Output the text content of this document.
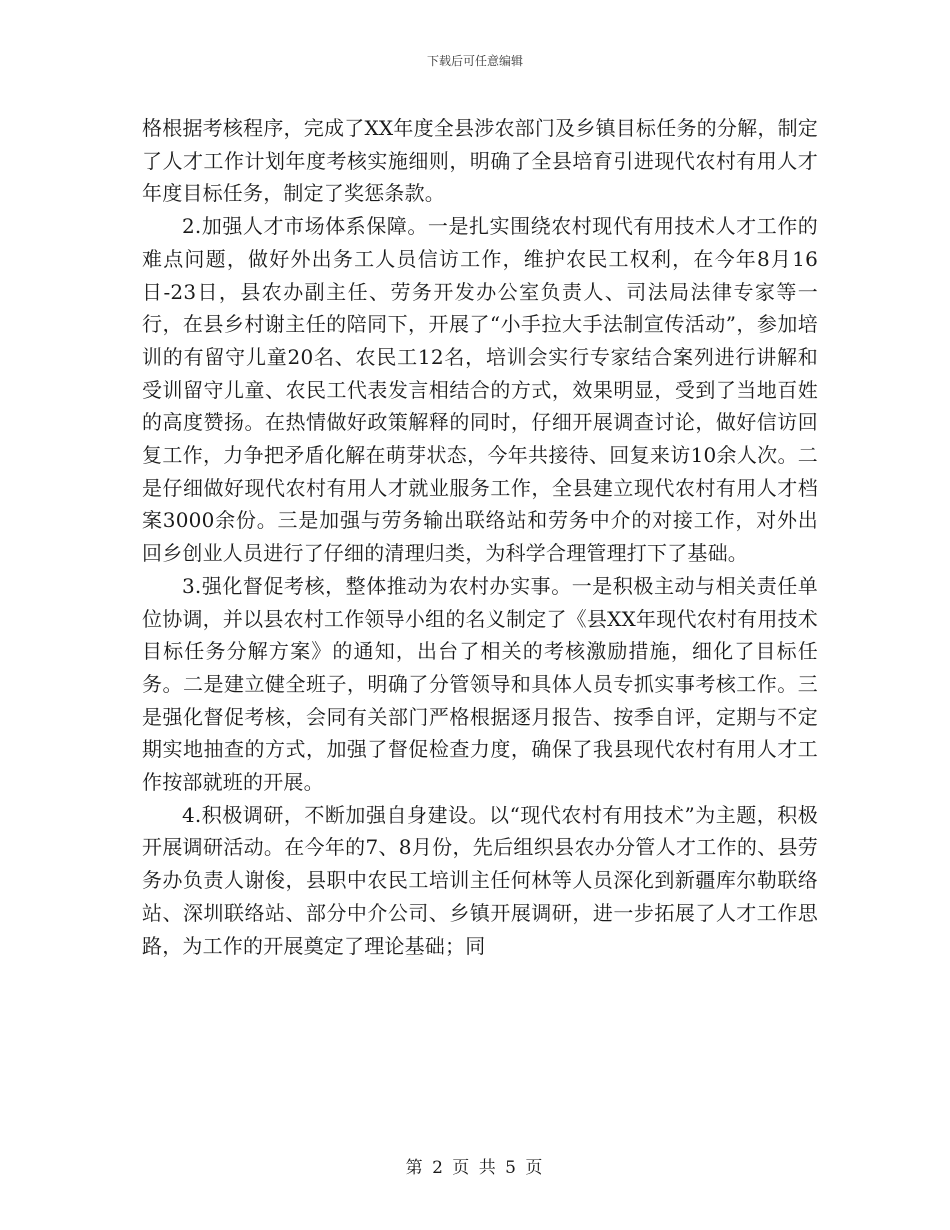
下载后可任意编辑

格根据考核程序，完成了XX年度全县涉农部门及乡镇目标任务的分解，制定了人才工作计划年度考核实施细则，明确了全县培育引进现代农村有用人才年度目标任务，制定了奖惩条款。

2.加强人才市场体系保障。一是扎实围绕农村现代有用技术人才工作的难点问题，做好外出务工人员信访工作，维护农民工权利，在今年8月16日-23日，县农办副主任、劳务开发办公室负责人、司法局法律专家等一行，在县乡村谢主任的陪同下，开展了“小手拉大手法制宣传活动”，参加培训的有留守儿童20名、农民工12名，培训会实行专家结合案列进行讲解和受训留守儿童、农民工代表发言相结合的方式，效果明显，受到了当地百姓的高度赞扬。在热情做好政策解释的同时，仔细开展调查讨论，做好信访回复工作，力争把矛盾化解在萌芽状态，今年共接待、回复来访10余人次。二是仔细做好现代农村有用人才就业服务工作，全县建立现代农村有用人才档案3000余份。三是加强与劳务输出联络站和劳务中介的对接工作，对外出回乡创业人员进行了仔细的清理归类，为科学合理管理打下了基础。

3.强化督促考核，整体推动为农村办实事。一是积极主动与相关责任单位协调，并以县农村工作领导小组的名义制定了《县XX年现代农村有用技术目标任务分解方案》的通知，出台了相关的考核激励措施，细化了目标任务。二是建立健全班子，明确了分管领导和具体人员专抓实事考核工作。三是强化督促考核，会同有关部门严格根据逐月报告、按季自评，定期与不定期实地抽查的方式，加强了督促检查力度，确保了我县现代农村有用人才工作按部就班的开展。

4.积极调研，不断加强自身建设。以“现代农村有用技术”为主题，积极开展调研活动。在今年的7、8月份，先后组织县农办分管人才工作的、县劳务办负责人谢俊，县职中农民工培训主任何林等人员深化到新疆库尔勒联络站、深圳联络站、部分中介公司、乡镇开展调研，进一步拓展了人才工作思路，为工作的开展奠定了理论基础；同

第 2 页 共 5 页
